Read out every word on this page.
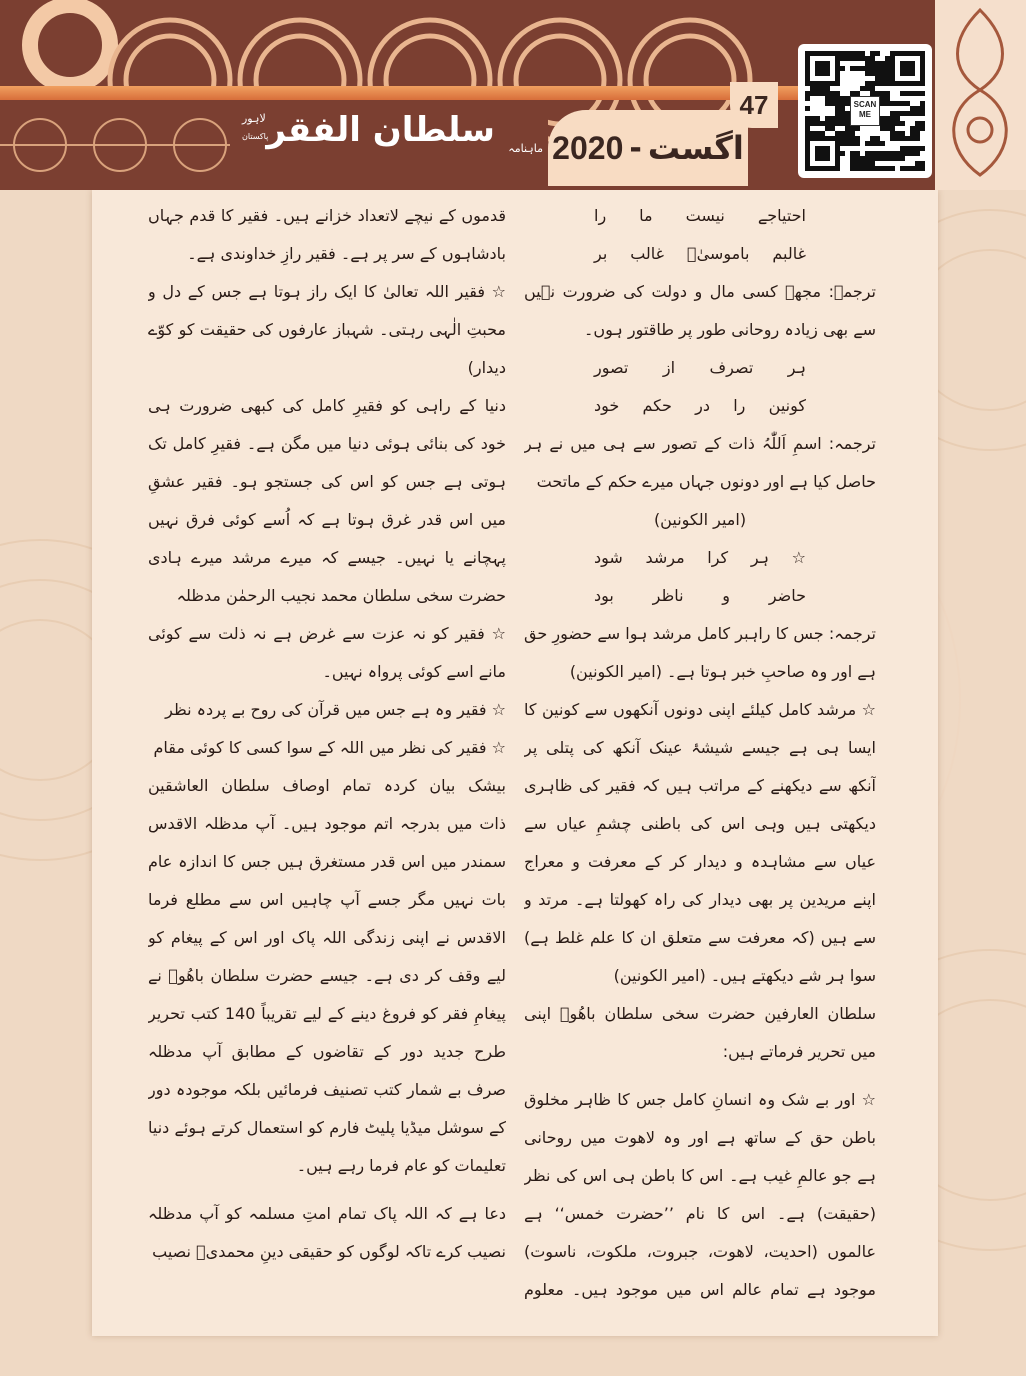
سلطان الفقر ماہنامہ
لاہور
پاکستان	اگست
-
2020
47	SCAN ME
احتیاجے نیست ما را
غالبم باموسیٰؑ غالب بر
ترجمہ: مجھے کسی مال و دولت کی ضرورت نہیں
سے بھی زیادہ روحانی طور پر طاقتور ہوں۔
ہر تصرف از تصور
کونین را در حکم خود
ترجمہ: اسمِ اَللّٰہُ ذات کے تصور سے ہی میں نے ہر
حاصل کیا ہے اور دونوں جہاں میرے حکم کے ماتحت
(امیر الکونین)
☆ ہر کرا مرشد شود
حاضر و ناظر بود
ترجمہ: جس کا راہبر کامل مرشد ہوا سے حضورِ حق
ہے اور وہ صاحبِ خبر ہوتا ہے۔ (امیر الکونین)
☆ مرشد کامل کیلئے اپنی دونوں آنکھوں سے کونین کا
ایسا ہی ہے جیسے شیشۂ عینک آنکھ کی پتلی پر
آنکھ سے دیکھنے کے مراتب ہیں کہ فقیر کی ظاہری
دیکھتی ہیں وہی اس کی باطنی چشمِ عیاں سے
عیاں سے مشاہدہ و دیدار کر کے معرفت و معراج
اپنے مریدین پر بھی دیدار کی راہ کھولتا ہے۔ مرتد و
سے ہیں (کہ معرفت سے متعلق ان کا علم غلط ہے)
سوا ہر شے دیکھتے ہیں۔ (امیر الکونین)
سلطان العارفین حضرت سخی سلطان باھُوؒ اپنی
میں تحریر فرماتے ہیں:
☆ اور بے شک وہ انسانِ کامل جس کا ظاہر مخلوق
باطن حق کے ساتھ ہے اور وہ لاھوت میں روحانی
ہے جو عالمِ غیب ہے۔ اس کا باطن ہی اس کی نظر
(حقیقت) ہے۔ اس کا نام ’’حضرت خمس‘‘ ہے
عالموں (احدیت، لاھوت، جبروت، ملکوت، ناسوت)
موجود ہے تمام عالم اس میں موجود ہیں۔ معلوم
قدموں کے نیچے لاتعداد خزانے ہیں۔ فقیر کا قدم جہاں
بادشاہوں کے سر پر ہے۔ فقیر رازِ خداوندی ہے۔
☆ فقیر اللہ تعالیٰ کا ایک راز ہوتا ہے جس کے دل و
محبتِ الٰہی رہتی۔ شہباز عارفوں کی حقیقت کو کوّے
دیدار)
دنیا کے راہی کو فقیرِ کامل کی کبھی ضرورت ہی
خود کی بنائی ہوئی دنیا میں مگن ہے۔ فقیرِ کامل تک
ہوتی ہے جس کو اس کی جستجو ہو۔ فقیر عشقِ
میں اس قدر غرق ہوتا ہے کہ اُسے کوئی فرق نہیں
پہچانے یا نہیں۔ جیسے کہ میرے مرشد میرے ہادی
حضرت سخی سلطان محمد نجیب الرحمٰن مدظلہ
☆ فقیر کو نہ عزت سے غرض ہے نہ ذلت سے کوئی
مانے اسے کوئی پرواہ نہیں۔
☆ فقیر وہ ہے جس میں قرآن کی روح بے پردہ نظر
☆ فقیر کی نظر میں اللہ کے سوا کسی کا کوئی مقام
بیشک بیان کردہ تمام اوصاف سلطان العاشقین
ذات میں بدرجہ اتم موجود ہیں۔ آپ مدظلہ الاقدس
سمندر میں اس قدر مستغرق ہیں جس کا اندازہ عام
بات نہیں مگر جسے آپ چاہیں اس سے مطلع فرما
الاقدس نے اپنی زندگی اللہ پاک اور اس کے پیغام کو
لیے وقف کر دی ہے۔ جیسے حضرت سلطان باھُوؒ نے
پیغامِ فقر کو فروغ دینے کے لیے تقریباً 140 کتب تحریر
طرح جدید دور کے تقاضوں کے مطابق آپ مدظلہ
صرف بے شمار کتب تصنیف فرمائیں بلکہ موجودہ دور
کے سوشل میڈیا پلیٹ فارم کو استعمال کرتے ہوئے دنیا
تعلیمات کو عام فرما رہے ہیں۔
دعا ہے کہ اللہ پاک تمام امتِ مسلمہ کو آپ مدظلہ
نصیب کرے تاکہ لوگوں کو حقیقی دینِ محمدیؐ نصیب
